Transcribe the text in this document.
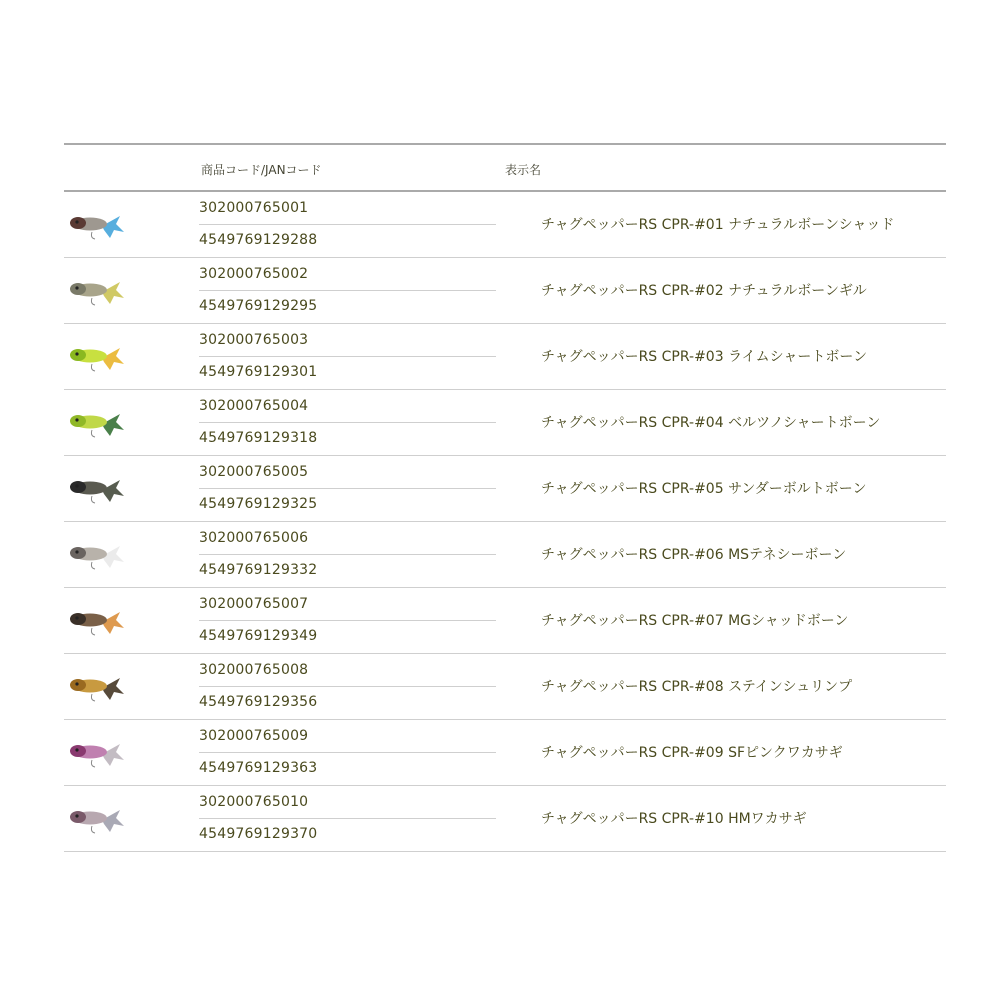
商品コード/JANコード	表示名
302000765001
4549769129288
チャグペッパーRS CPR-#01 ナチュラルボーンシャッド
302000765002
4549769129295
チャグペッパーRS CPR-#02 ナチュラルボーンギル
302000765003
4549769129301
チャグペッパーRS CPR-#03 ライムシャートボーン
302000765004
4549769129318
チャグペッパーRS CPR-#04 ベルツノシャートボーン
302000765005
4549769129325
チャグペッパーRS CPR-#05 サンダーボルトボーン
302000765006
4549769129332
チャグペッパーRS CPR-#06 MSテネシーボーン
302000765007
4549769129349
チャグペッパーRS CPR-#07 MGシャッドボーン
302000765008
4549769129356
チャグペッパーRS CPR-#08 ステインシュリンプ
302000765009
4549769129363
チャグペッパーRS CPR-#09 SFピンクワカサギ
302000765010
4549769129370
チャグペッパーRS CPR-#10 HMワカサギ
